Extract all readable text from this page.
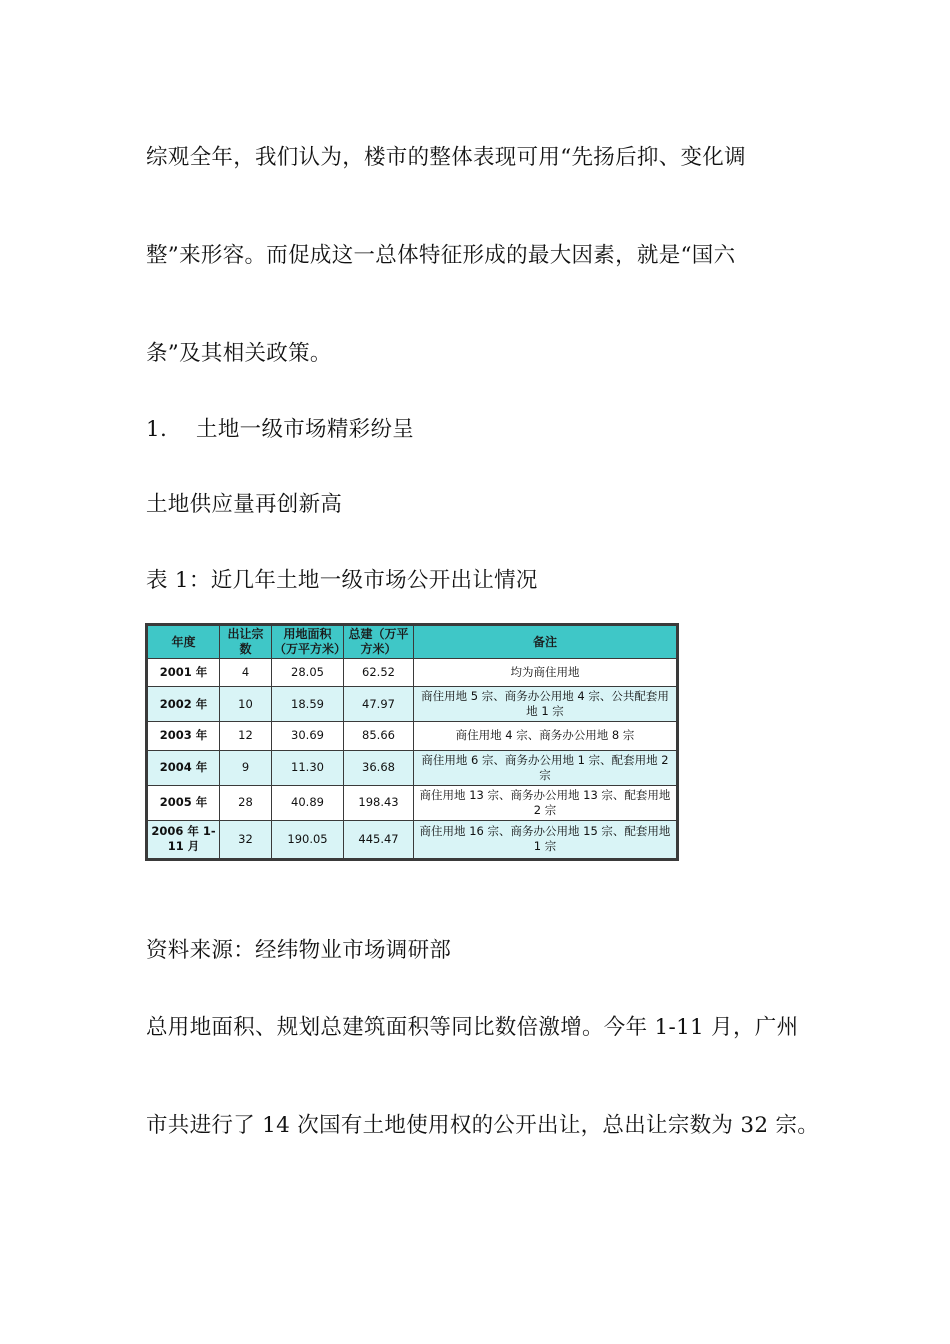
综观全年，我们认为，楼市的整体表现可用“先扬后抑、变化调
整”来形容。而促成这一总体特征形成的最大因素，就是“国六
条”及其相关政策。
1.　 土地一级市场精彩纷呈
土地供应量再创新高
表 1：近几年土地一级市场公开出让情况
年度	出让宗数	用地面积（万平方米）	总建（万平方米）	备注
2001 年	4	28.05	62.52	均为商住用地
2002 年	10	18.59	47.97	商住用地 5 宗、商务办公用地 4 宗、公共配套用地 1 宗
2003 年	12	30.69	85.66	商住用地 4 宗、商务办公用地 8 宗
2004 年	9	11.30	36.68	商住用地 6 宗、商务办公用地 1 宗、配套用地 2 宗
2005 年	28	40.89	198.43	商住用地 13 宗、商务办公用地 13 宗、配套用地 2 宗
2006 年 1-11 月	32	190.05	445.47	商住用地 16 宗、商务办公用地 15 宗、配套用地 1 宗
资料来源：经纬物业市场调研部
总用地面积、规划总建筑面积等同比数倍激增。今年 1-11 月，广州
市共进行了 14 次国有土地使用权的公开出让，总出让宗数为 32 宗。
